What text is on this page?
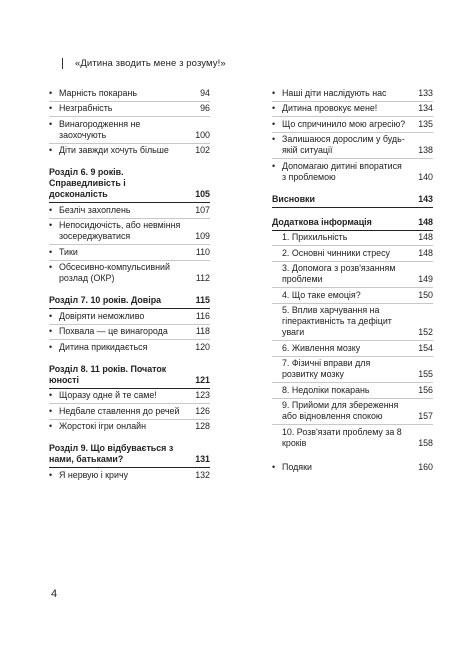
«Дитина зводить мене з розуму!»
• Марність покарань	94
• Незграбність	96
• Винагородження не заохочують	100
• Діти завжди хочуть більше	102
Розділ 6. 9 років. Справедливість і досконалість	105
• Безліч захоплень	107
• Непосидючість, або невміння зосереджуватися	109
• Тики	110
• Обсесивно-компульсивний розлад (ОКР)	112
Розділ 7. 10 років. Довіра	115
• Довіряти неможливо	116
• Похвала — це винагорода	118
• Дитина прикидається	120
Розділ 8. 11 років. Початок юності	121
• Щоразу одне й те саме!	123
• Недбале ставлення до речей	126
• Жорстокі ігри онлайн	128
Розділ 9. Що відбувається з нами, батьками?	131
• Я нервую і кричу	132
• Наші діти наслідують нас	133
• Дитина провокує мене!	134
• Що спричинило мою агресію?	135
• Залишаюся дорослим у будь-якій ситуації	138
• Допомагаю дитині впоратися з проблемою	140
Висновки	143
Додаткова інформація	148
1. Прихильність	148
2. Основні чинники стресу	148
3. Допомога з розв'язанням проблеми	149
4. Що таке емоція?	150
5. Вплив харчування на гіперактивність та дефіцит уваги	152
6. Живлення мозку	154
7. Фізичні вправи для розвитку мозку	155
8. Недоліки покарань	156
9. Прийоми для збереження або відновлення спокою	157
10. Розв'язати проблему за 8 кроків	158
• Подяки	160
4
